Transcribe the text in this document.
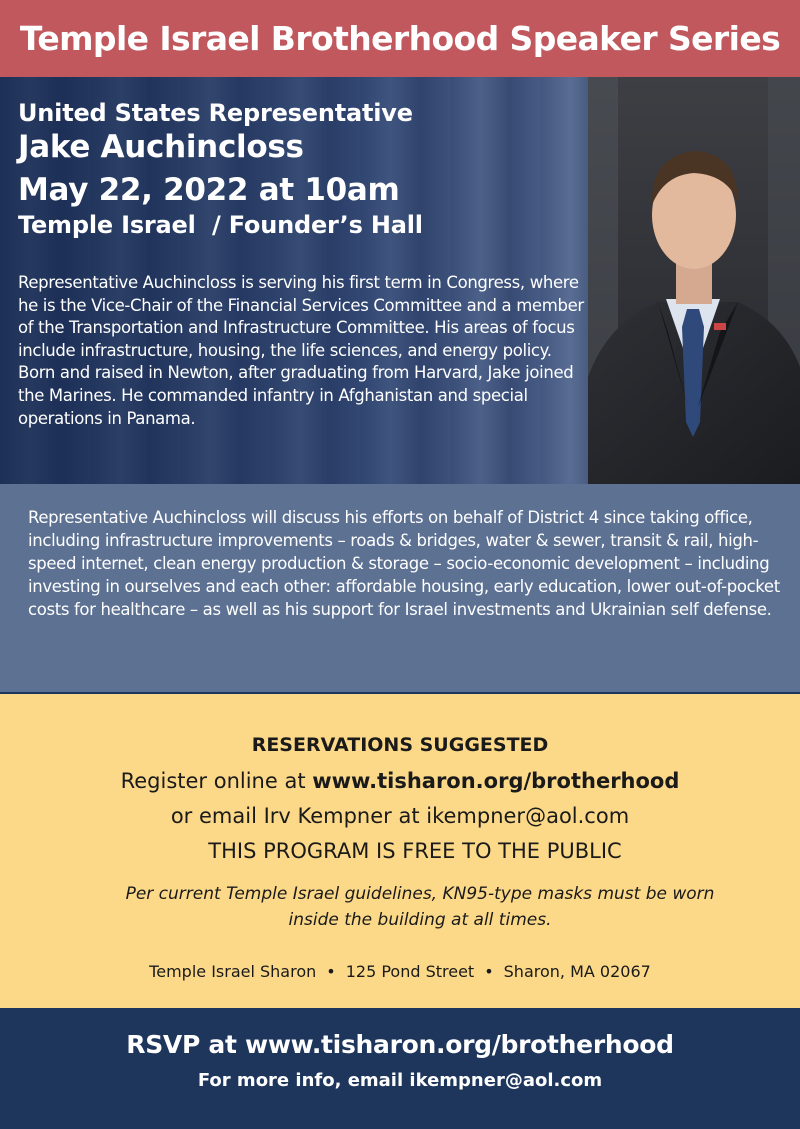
Temple Israel Brotherhood Speaker Series
United States Representative
Jake Auchincloss
May 22, 2022 at 10am
Temple Israel  / Founder’s Hall
Representative Auchincloss is serving his first term in Congress, where he is the Vice-Chair of the Financial Services Committee and a member of the Transportation and Infrastructure Committee. His areas of focus include infrastructure, housing, the life sciences, and energy policy. Born and raised in Newton, after graduating from Harvard, Jake joined the Marines. He commanded infantry in Afghanistan and special operations in Panama.

Representative Auchincloss will discuss his efforts on behalf of District 4 since taking office, including infrastructure improvements – roads & bridges, water & sewer, transit & rail, high-speed internet, clean energy production & storage – socio-economic development – including investing in ourselves and each other: affordable housing, early education, lower out-of-pocket costs for healthcare – as well as his support for Israel investments and Ukrainian self defense.

RESERVATIONS SUGGESTED
Register online at www.tisharon.org/brotherhood
or email Irv Kempner at ikempner@aol.com
THIS PROGRAM IS FREE TO THE PUBLIC
Per current Temple Israel guidelines, KN95-type masks must be worn inside the building at all times.
Temple Israel Sharon • 125 Pond Street • Sharon, MA 02067
RSVP at www.tisharon.org/brotherhood
For more info, email ikempner@aol.com
